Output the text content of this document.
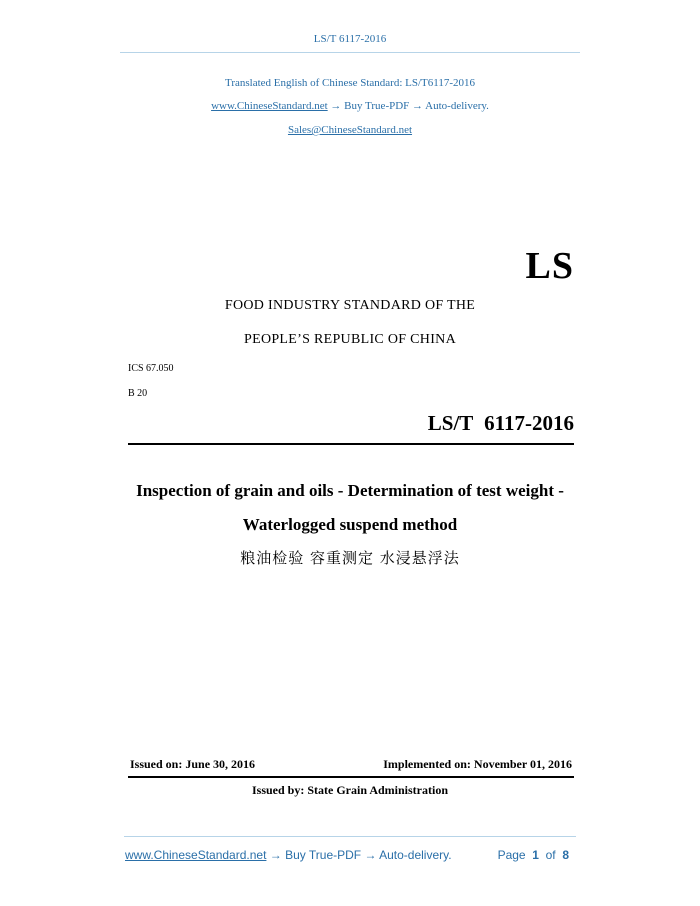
LS/T 6117-2016
Translated English of Chinese Standard: LS/T6117-2016
www.ChineseStandard.net → Buy True-PDF → Auto-delivery.
Sales@ChineseStandard.net
LS
FOOD INDUSTRY STANDARD OF THE
PEOPLE’S REPUBLIC OF CHINA
ICS 67.050
B 20
LS/T 6117-2016
Inspection of grain and oils - Determination of test weight -
Waterlogged suspend method
粮油检验 容重测定 水浸悬浮法
Issued on: June 30, 2016	Implemented on: November 01, 2016
Issued by: State Grain Administration
www.ChineseStandard.net → Buy True-PDF → Auto-delivery.	Page 1 of 8
